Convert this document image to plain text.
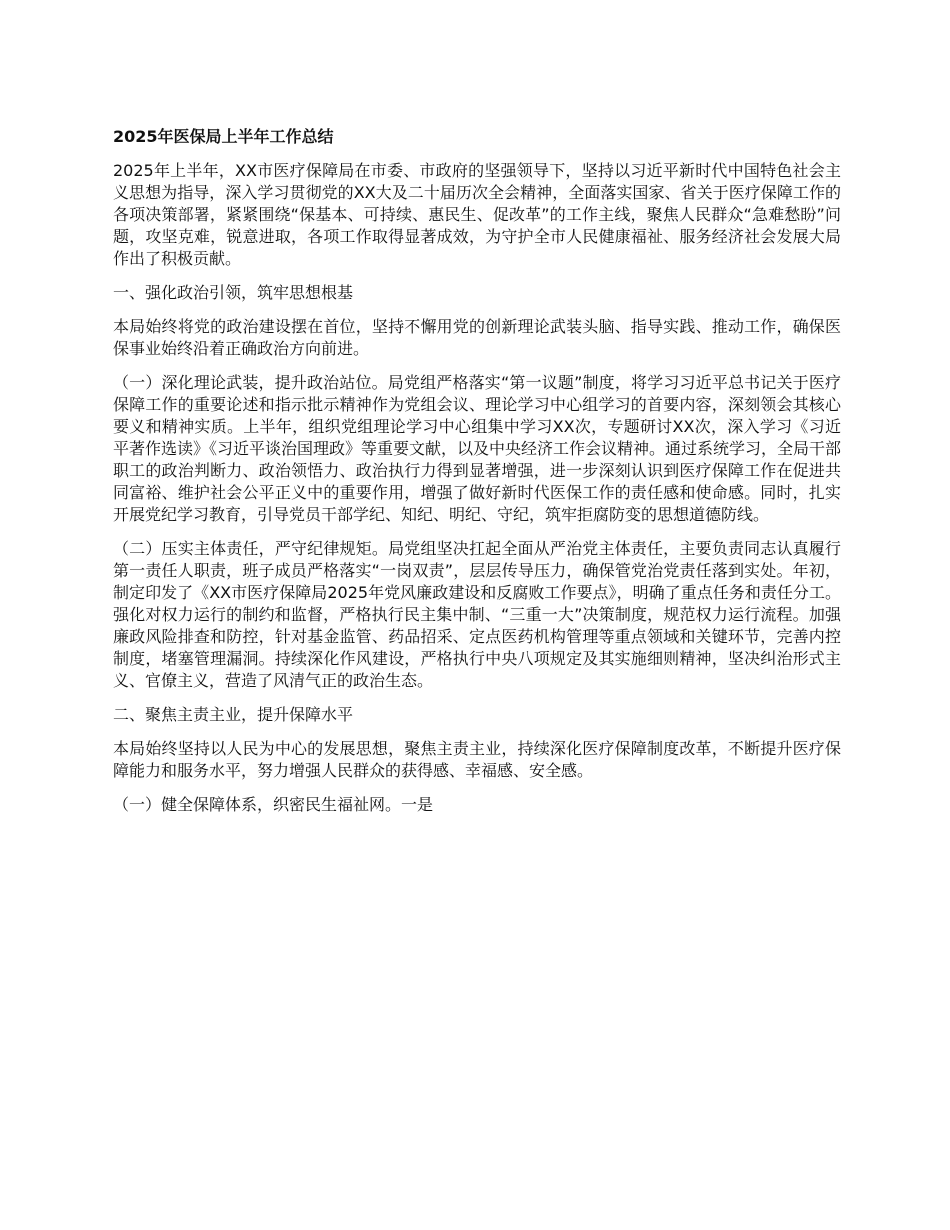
2025年医保局上半年工作总结

2025年上半年，XX市医疗保障局在市委、市政府的坚强领导下，坚持以习近平新时代中国特色社会主义思想为指导，深入学习贯彻党的XX大及二十届历次全会精神，全面落实国家、省关于医疗保障工作的各项决策部署，紧紧围绕“保基本、可持续、惠民生、促改革”的工作主线，聚焦人民群众“急难愁盼”问题，攻坚克难，锐意进取，各项工作取得显著成效，为守护全市人民健康福祉、服务经济社会发展大局作出了积极贡献。

一、强化政治引领，筑牢思想根基

本局始终将党的政治建设摆在首位，坚持不懈用党的创新理论武装头脑、指导实践、推动工作，确保医保事业始终沿着正确政治方向前进。

（一）深化理论武装，提升政治站位。局党组严格落实“第一议题”制度，将学习习近平总书记关于医疗保障工作的重要论述和指示批示精神作为党组会议、理论学习中心组学习的首要内容，深刻领会其核心要义和精神实质。上半年，组织党组理论学习中心组集中学习XX次，专题研讨XX次，深入学习《习近平著作选读》《习近平谈治国理政》等重要文献，以及中央经济工作会议精神。通过系统学习，全局干部职工的政治判断力、政治领悟力、政治执行力得到显著增强，进一步深刻认识到医疗保障工作在促进共同富裕、维护社会公平正义中的重要作用，增强了做好新时代医保工作的责任感和使命感。同时，扎实开展党纪学习教育，引导党员干部学纪、知纪、明纪、守纪，筑牢拒腐防变的思想道德防线。

（二）压实主体责任，严守纪律规矩。局党组坚决扛起全面从严治党主体责任，主要负责同志认真履行第一责任人职责，班子成员严格落实“一岗双责”，层层传导压力，确保管党治党责任落到实处。年初，制定印发了《XX市医疗保障局2025年党风廉政建设和反腐败工作要点》，明确了重点任务和责任分工。强化对权力运行的制约和监督，严格执行民主集中制、“三重一大”决策制度，规范权力运行流程。加强廉政风险排查和防控，针对基金监管、药品招采、定点医药机构管理等重点领域和关键环节，完善内控制度，堵塞管理漏洞。持续深化作风建设，严格执行中央八项规定及其实施细则精神，坚决纠治形式主义、官僚主义，营造了风清气正的政治生态。

二、聚焦主责主业，提升保障水平

本局始终坚持以人民为中心的发展思想，聚焦主责主业，持续深化医疗保障制度改革，不断提升医疗保障能力和服务水平，努力增强人民群众的获得感、幸福感、安全感。

（一）健全保障体系，织密民生福祉网。一是
